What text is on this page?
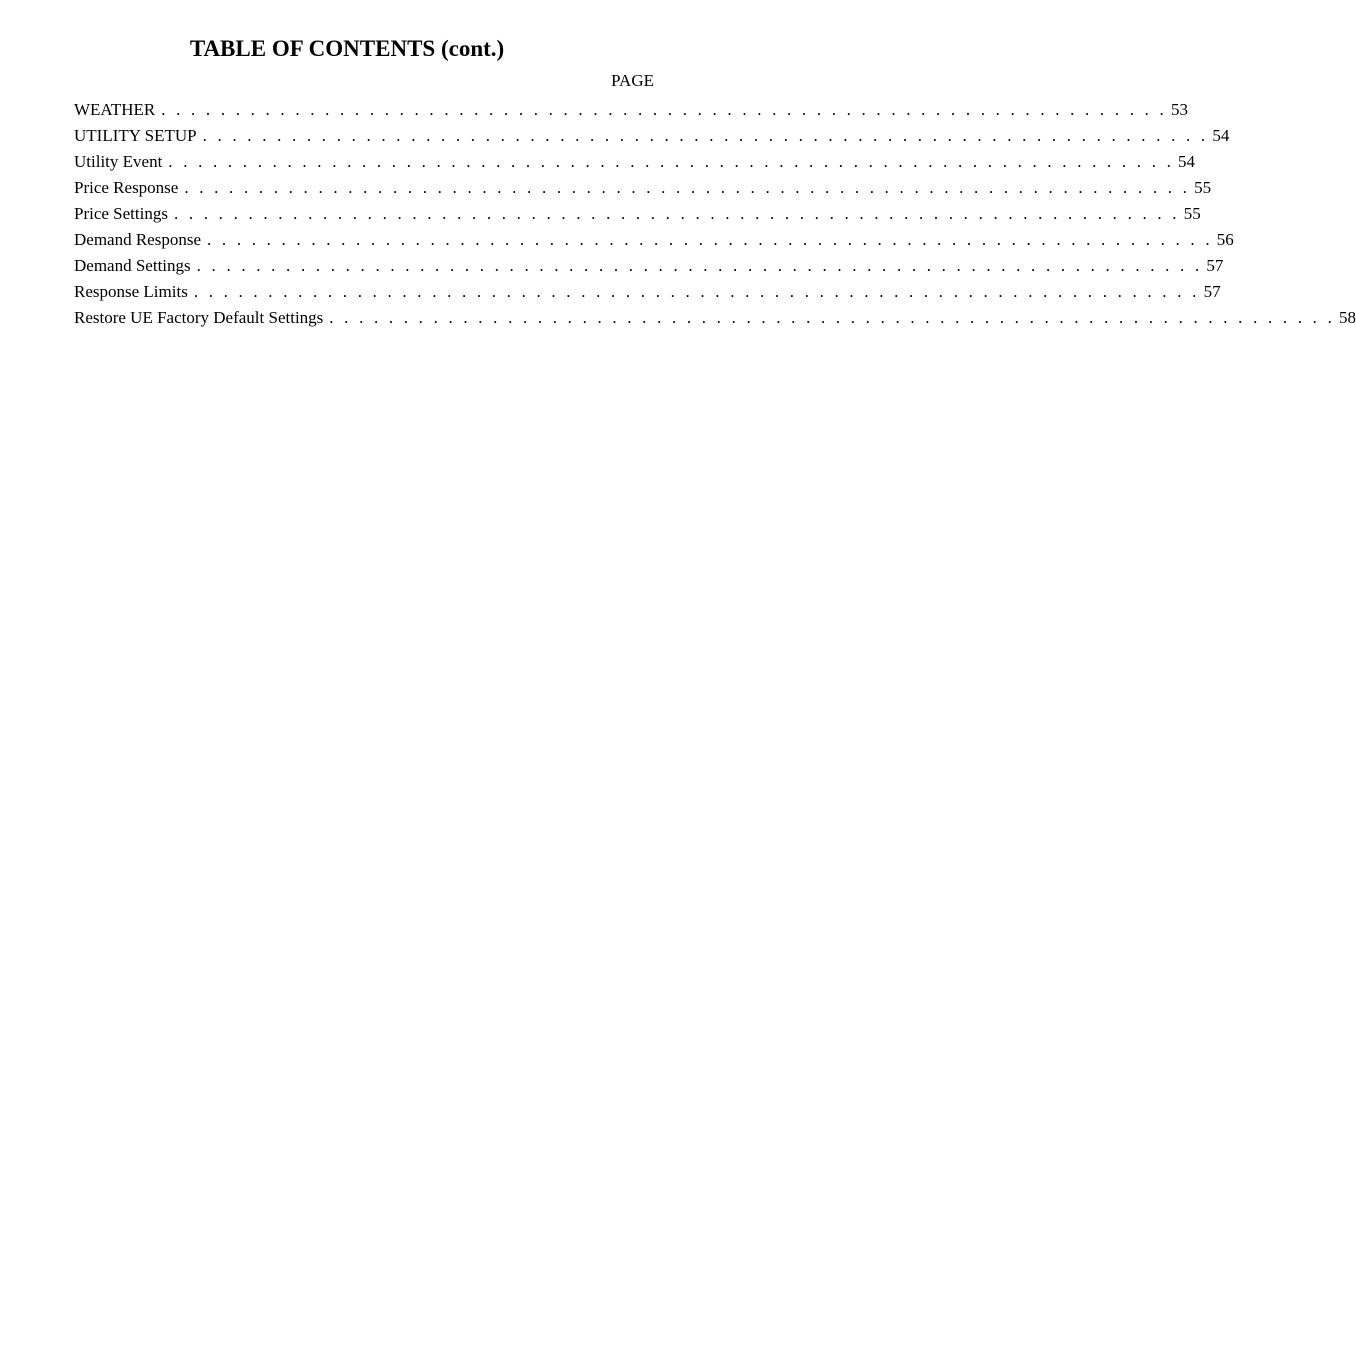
TABLE OF CONTENTS (cont.)
PAGE
WEATHER . . . . . . . . . . . . . . . . . . . . . . . . . . . . . . . . . . . . . . . . . . . . . . . . . . . . . . . . . . . . . . . . . . . . 53
UTILITY SETUP . . . . . . . . . . . . . . . . . . . . . . . . . . . . . . . . . . . . . . . . . . . . . . . . . . . . . . . . . . . . . . . . . . . . 54
Utility Event . . . . . . . . . . . . . . . . . . . . . . . . . . . . . . . . . . . . . . . . . . . . . . . . . . . . . . . . . . . . . . . . . . . . 54
Price Response . . . . . . . . . . . . . . . . . . . . . . . . . . . . . . . . . . . . . . . . . . . . . . . . . . . . . . . . . . . . . . . . . . . . 55
Price Settings . . . . . . . . . . . . . . . . . . . . . . . . . . . . . . . . . . . . . . . . . . . . . . . . . . . . . . . . . . . . . . . . . . . . 55
Demand Response . . . . . . . . . . . . . . . . . . . . . . . . . . . . . . . . . . . . . . . . . . . . . . . . . . . . . . . . . . . . . . . . . . . . 56
Demand Settings . . . . . . . . . . . . . . . . . . . . . . . . . . . . . . . . . . . . . . . . . . . . . . . . . . . . . . . . . . . . . . . . . . . . 57
Response Limits . . . . . . . . . . . . . . . . . . . . . . . . . . . . . . . . . . . . . . . . . . . . . . . . . . . . . . . . . . . . . . . . . . . . 57
Restore UE Factory Default Settings . . . . . . . . . . . . . . . . . . . . . . . . . . . . . . . . . . . . . . . . . . . . . . . . . . . . . . . . . . . . . . . . . . . . 58
